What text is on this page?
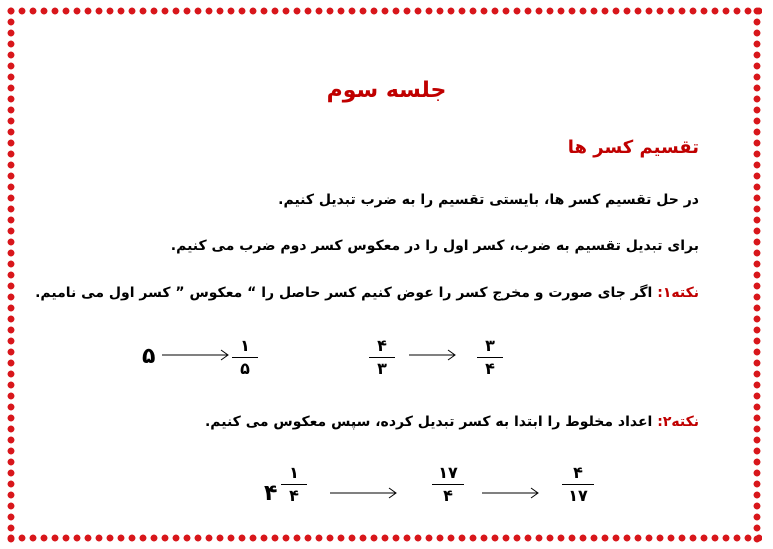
جلسه سوم
تقسیم کسر ها
در حل تقسیم کسر ها، بایستی تقسیم را به ضرب تبدیل کنیم.
برای تبدیل تقسیم به ضرب، کسر اول را در معکوس کسر دوم ضرب می کنیم.
نکته۱: اگر جای صورت و مخرج کسر را عوض کنیم کسر حاصل را “ معکوس ” کسر اول می نامیم.
۵	۱
۵
۴
۳
۳
۴
نکته۲: اعداد مخلوط را ابتدا به کسر تبدیل کرده، سپس معکوس می کنیم.
۴
۱
۴
۱۷
۴
۴
۱۷
